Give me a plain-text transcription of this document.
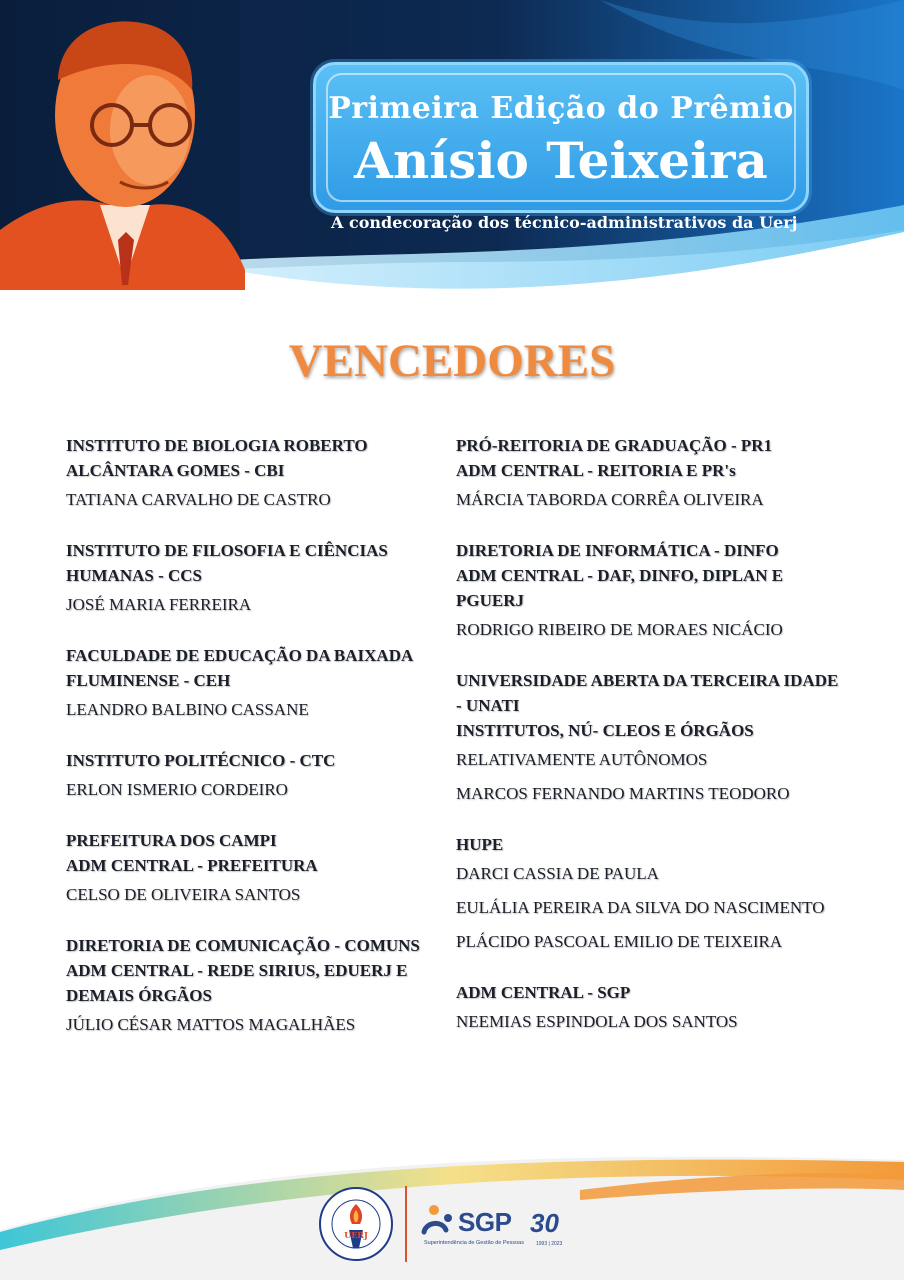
Primeira Edição do Prêmio
Anísio Teixeira
A condecoração dos técnico-administrativos da Uerj
VENCEDORES
INSTITUTO DE BIOLOGIA ROBERTO
ALCÂNTARA GOMES - CBI
TATIANA CARVALHO DE CASTRO
INSTITUTO DE FILOSOFIA E CIÊNCIAS
HUMANAS - CCS
JOSÉ MARIA FERREIRA
FACULDADE DE EDUCAÇÃO DA BAIXADA
FLUMINENSE - CEH
LEANDRO BALBINO CASSANE
INSTITUTO POLITÉCNICO - CTC
ERLON ISMERIO CORDEIRO
PREFEITURA DOS CAMPI
ADM CENTRAL - PREFEITURA
CELSO DE OLIVEIRA SANTOS
DIRETORIA DE COMUNICAÇÃO - COMUNS
ADM CENTRAL - REDE SIRIUS, EDUERJ E
DEMAIS ÓRGÃOS
JÚLIO CÉSAR MATTOS MAGALHÃES
PRÓ-REITORIA DE GRADUAÇÃO - PR1
ADM CENTRAL - REITORIA E PR's
MÁRCIA TABORDA CORRÊA OLIVEIRA
DIRETORIA DE INFORMÁTICA - DINFO
ADM CENTRAL - DAF, DINFO, DIPLAN E
PGUERJ
RODRIGO RIBEIRO DE MORAES NICÁCIO
UNIVERSIDADE ABERTA DA TERCEIRA IDADE
- UNATI
INSTITUTOS, NÚ- CLEOS E ÓRGÃOS
RELATIVAMENTE AUTÔNOMOS
MARCOS FERNANDO MARTINS TEODORO
HUPE
DARCI CASSIA DE PAULA
EULÁLIA PEREIRA DA SILVA DO NASCIMENTO
PLÁCIDO PASCOAL EMILIO DE TEIXEIRA
ADM CENTRAL - SGP
NEEMIAS ESPINDOLA DOS SANTOS
UERJ	SGP
Superintendência de Gestão de Pessoas
30
1993 | 2023
